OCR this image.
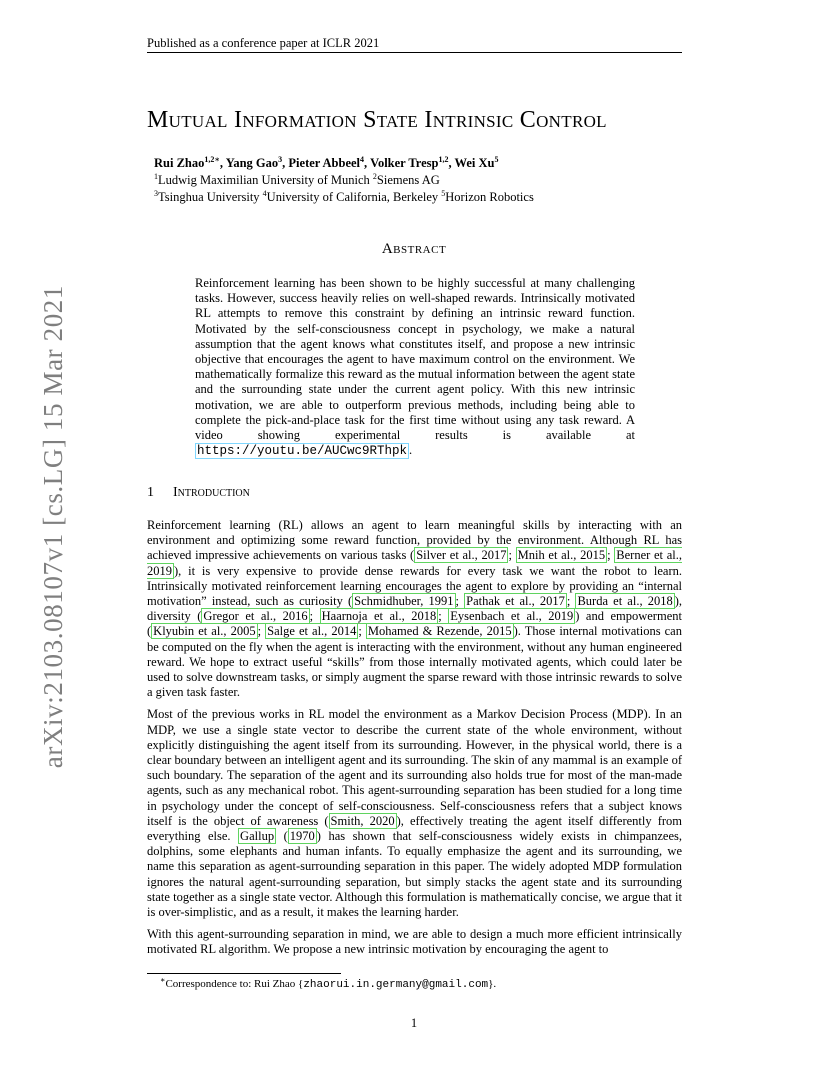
Published as a conference paper at ICLR 2021
arXiv:2103.08107v1 [cs.LG] 15 Mar 2021
Mutual Information State Intrinsic Control
Rui Zhao$^{1,2∗}$, Yang Gao$^3$, Pieter Abbeel$^4$, Volker Tresp$^{1,2}$, Wei Xu$^5$
$^1$Ludwig Maximilian University of Munich $^2$Siemens AG
$^3$Tsinghua University $^4$University of California, Berkeley $^5$Horizon Robotics
Abstract
Reinforcement learning has been shown to be highly successful at many challenging tasks. However, success heavily relies on well-shaped rewards. Intrinsically motivated RL attempts to remove this constraint by defining an intrinsic reward function. Motivated by the self-consciousness concept in psychology, we make a natural assumption that the agent knows what constitutes itself, and propose a new intrinsic objective that encourages the agent to have maximum control on the environment. We mathematically formalize this reward as the mutual information between the agent state and the surrounding state under the current agent policy. With this new intrinsic motivation, we are able to outperform previous methods, including being able to complete the pick-and-place task for the first time without using any task reward. A video showing experimental results is available at https://youtu.be/AUCwc9RThpk .
1 Introduction

Reinforcement learning (RL) allows an agent to learn meaningful skills by interacting with an environment and optimizing some reward function, provided by the environment. Although RL has achieved impressive achievements on various tasks ( Silver et al., 2017 ; Mnih et al., 2015 ; Berner et al., 2019 ), it is very expensive to provide dense rewards for every task we want the robot to learn. Intrinsically motivated reinforcement learning encourages the agent to explore by providing an “internal motivation” instead, such as curiosity ( Schmidhuber, 1991 ; Pathak et al., 2017 ; Burda et al., 2018 ), diversity ( Gregor et al., 2016 ; Haarnoja et al., 2018 ; Eysenbach et al., 2019 ) and empowerment ( Klyubin et al., 2005 ; Salge et al., 2014 ; Mohamed & Rezende, 2015 ). Those internal motivations can be computed on the fly when the agent is interacting with the environment, without any human engineered reward. We hope to extract useful “skills” from those internally motivated agents, which could later be used to solve downstream tasks, or simply augment the sparse reward with those intrinsic rewards to solve a given task faster.

Most of the previous works in RL model the environment as a Markov Decision Process (MDP). In an MDP, we use a single state vector to describe the current state of the whole environment, without explicitly distinguishing the agent itself from its surrounding. However, in the physical world, there is a clear boundary between an intelligent agent and its surrounding. The skin of any mammal is an example of such boundary. The separation of the agent and its surrounding also holds true for most of the man-made agents, such as any mechanical robot. This agent-surrounding separation has been studied for a long time in psychology under the concept of self-consciousness. Self-consciousness refers that a subject knows itself is the object of awareness ( Smith, 2020 ), effectively treating the agent itself differently from everything else. Gallup ( 1970 ) has shown that self-consciousness widely exists in chimpanzees, dolphins, some elephants and human infants. To equally emphasize the agent and its surrounding, we name this separation as agent-surrounding separation in this paper. The widely adopted MDP formulation ignores the natural agent-surrounding separation, but simply stacks the agent state and its surrounding state together as a single state vector. Although this formulation is mathematically concise, we argue that it is over-simplistic, and as a result, it makes the learning harder.

With this agent-surrounding separation in mind, we are able to design a much more efficient intrinsically motivated RL algorithm. We propose a new intrinsic motivation by encouraging the agent to

∗Correspondence to: Rui Zhao {zhaorui.in.germany@gmail.com}.
1
